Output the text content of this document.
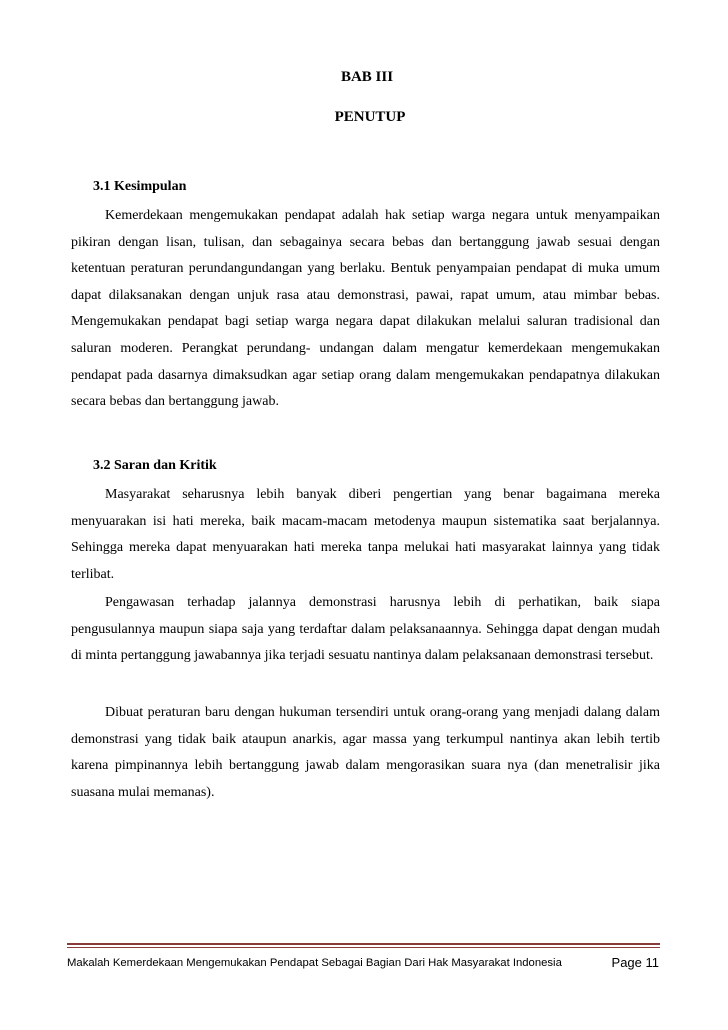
BAB III
PENUTUP
3.1 Kesimpulan

Kemerdekaan mengemukakan pendapat adalah hak setiap warga negara untuk menyampaikan pikiran dengan lisan, tulisan, dan sebagainya secara bebas dan bertanggung jawab sesuai dengan ketentuan peraturan perundangundangan yang berlaku. Bentuk penyampaian pendapat di muka umum dapat dilaksanakan dengan unjuk rasa atau demonstrasi, pawai, rapat umum, atau mimbar bebas. Mengemukakan pendapat bagi setiap warga negara dapat dilakukan melalui saluran tradisional dan saluran moderen. Perangkat perundang- undangan dalam mengatur kemerdekaan mengemukakan pendapat pada dasarnya dimaksudkan agar setiap orang dalam mengemukakan pendapatnya dilakukan secara bebas dan bertanggung jawab.

3.2 Saran dan Kritik

Masyarakat seharusnya lebih banyak diberi pengertian yang benar bagaimana mereka menyuarakan isi hati mereka, baik macam-macam metodenya maupun sistematika saat berjalannya. Sehingga mereka dapat menyuarakan hati mereka tanpa melukai hati masyarakat lainnya yang tidak terlibat.

Pengawasan terhadap jalannya demonstrasi harusnya lebih di perhatikan, baik siapa pengusulannya maupun siapa saja yang terdaftar dalam pelaksanaannya. Sehingga dapat dengan mudah di minta pertanggung jawabannya jika terjadi sesuatu nantinya dalam pelaksanaan demonstrasi tersebut.

Dibuat peraturan baru dengan hukuman tersendiri untuk orang-orang yang menjadi dalang dalam demonstrasi yang tidak baik ataupun anarkis, agar massa yang terkumpul nantinya akan lebih tertib karena pimpinannya lebih bertanggung jawab dalam mengorasikan suara nya (dan menetralisir jika suasana mulai memanas).

Makalah Kemerdekaan Mengemukakan Pendapat Sebagai Bagian Dari Hak Masyarakat Indonesia	Page 11
